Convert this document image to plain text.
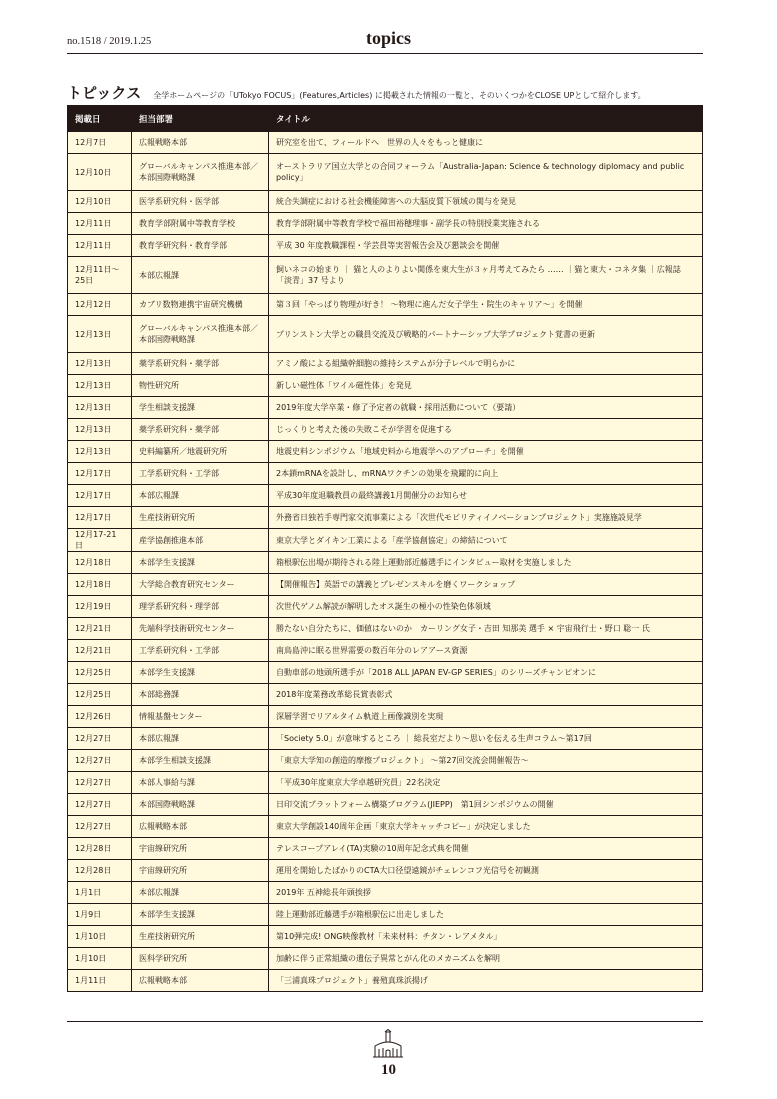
no.1518 / 2019.1.25	topics
トピックス 全学ホームページの「UTokyo FOCUS」(Features,Articles) に掲載された情報の一覧と、そのいくつかをCLOSE UPとして紹介します。
掲載日	担当部署	タイトル
12月7日	広報戦略本部	研究室を出て、フィールドへ　世界の人々をもっと健康に
12月10日	グローバルキャンパス推進本部／本部国際戦略課	オーストラリア国立大学との合同フォーラム「Australia-Japan: Science & technology diplomacy and public policy」
12月10日	医学系研究科・医学部	統合失調症における社会機能障害への大脳皮質下領域の関与を発見
12月11日	教育学部附属中等教育学校	教育学部附属中等教育学校で福田裕穂理事・副学長の特別授業実施される
12月11日	教育学研究科・教育学部	平成 30 年度教職課程・学芸員等実習報告会及び懇談会を開催
12月11日〜25日	本部広報課	飼いネコの始まり ｜ 猫と人のよりよい関係を東大生が３ヶ月考えてみたら …… ｜猫と東大・コネタ集 ｜広報誌「淡青」37 号より
12月12日	カブリ数物連携宇宙研究機構	第３回「やっぱり物理が好き！ 〜物理に進んだ女子学生・院生のキャリア〜」を開催
12月13日	グローバルキャンパス推進本部／本部国際戦略課	プリンストン大学との職員交流及び戦略的パートナーシップ大学プロジェクト覚書の更新
12月13日	薬学系研究科・薬学部	アミノ酸による組織幹細胞の維持システムが分子レベルで明らかに
12月13日	物性研究所	新しい磁性体「ワイル磁性体」を発見
12月13日	学生相談支援課	2019年度大学卒業・修了予定者の就職・採用活動について（要請）
12月13日	薬学系研究科・薬学部	じっくりと考えた後の失敗こそが学習を促進する
12月13日	史料編纂所／地震研究所	地震史料シンポジウム「地域史料から地震学へのアプローチ」を開催
12月17日	工学系研究科・工学部	2本鎖mRNAを設計し、mRNAワクチンの効果を飛躍的に向上
12月17日	本部広報課	平成30年度退職教員の最終講義1月開催分のお知らせ
12月17日	生産技術研究所	外務省日独若手専門家交流事業による「次世代モビリティイノベーションプロジェクト」実施施設見学
12月17-21日	産学協創推進本部	東京大学とダイキン工業による「産学協創協定」の締結について
12月18日	本部学生支援課	箱根駅伝出場が期待される陸上運動部近藤選手にインタビュー取材を実施しました
12月18日	大学総合教育研究センター	【開催報告】英語での講義とプレゼンスキルを磨くワークショップ
12月19日	理学系研究科・理学部	次世代ゲノム解読が解明したオス誕生の極小の性染色体領域
12月21日	先端科学技術研究センター	勝たない自分たちに、価値はないのか　カーリング女子・吉田 知那美 選手 × 宇宙飛行士・野口 聡一 氏
12月21日	工学系研究科・工学部	南鳥島沖に眠る世界需要の数百年分のレアアース資源
12月25日	本部学生支援課	自動車部の地頭所選手が「2018 ALL JAPAN EV-GP SERIES」のシリーズチャンピオンに
12月25日	本部総務課	2018年度業務改革総長賞表彰式
12月26日	情報基盤センター	深層学習でリアルタイム軌道上画像識別を実現
12月27日	本部広報課	「Society 5.0」が意味するところ ｜ 総長室だより〜思いを伝える生声コラム〜第17回
12月27日	本部学生相談支援課	「東京大学知の創造的摩擦プロジェクト」 〜第27回交流会開催報告〜
12月27日	本部人事給与課	「平成30年度東京大学卓越研究員」22名決定
12月27日	本部国際戦略課	日印交流プラットフォーム構築プログラム(JIEPP)　第1回シンポジウムの開催
12月27日	広報戦略本部	東京大学創設140周年企画「東京大学キャッチコピー」が決定しました
12月28日	宇宙線研究所	テレスコープアレイ(TA)実験の10周年記念式典を開催
12月28日	宇宙線研究所	運用を開始したばかりのCTA大口径望遠鏡がチェレンコフ光信号を初観測
1月1日	本部広報課	2019年 五神総長年頭挨拶
1月9日	本部学生支援課	陸上運動部近藤選手が箱根駅伝に出走しました
1月10日	生産技術研究所	第10弾完成! ONG映像教材「未来材料：チタン・レアメタル」
1月10日	医科学研究所	加齢に伴う正常組織の遺伝子異常とがん化のメカニズムを解明
1月11日	広報戦略本部	「三浦真珠プロジェクト」養殖真珠浜揚げ
10
